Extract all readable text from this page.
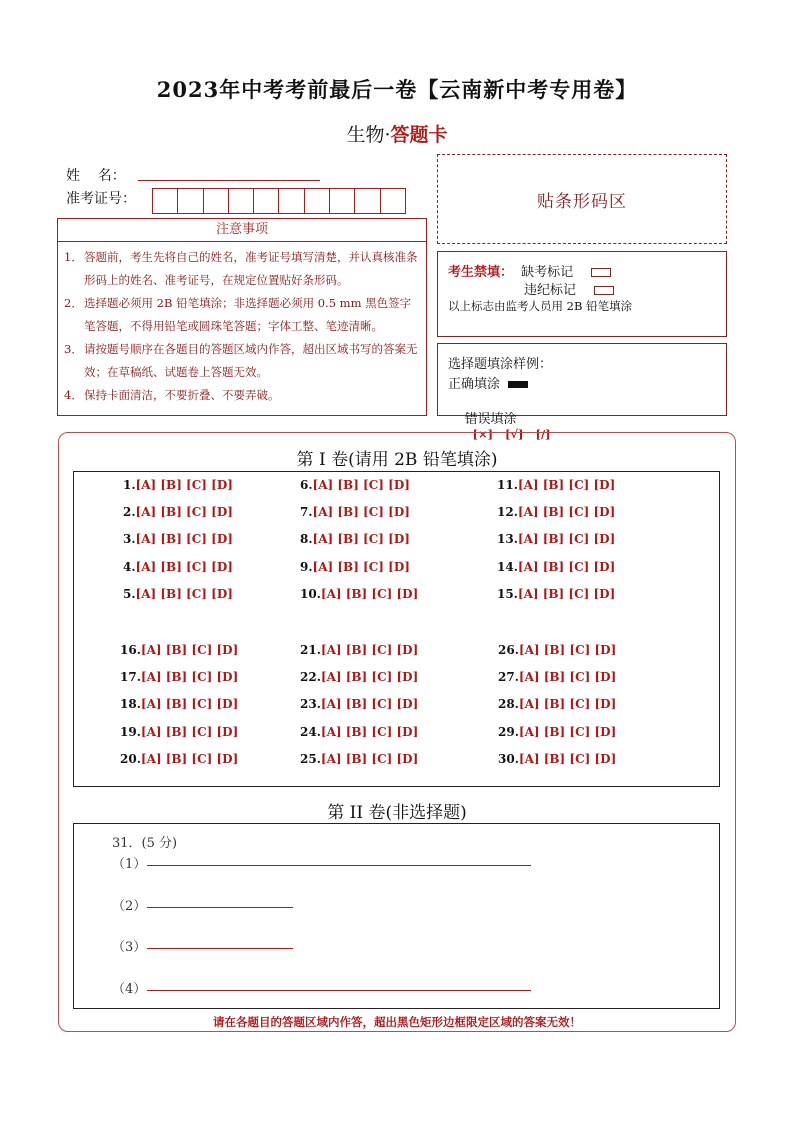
2023年中考考前最后一卷【云南新中考专用卷】
生物·答题卡
姓    名：
准考证号：	贴条形码区
注意事项
1． 答题前，考生先将自己的姓名，准考证号填写清楚，并认真核准条形码上的姓名、准考证号，在规定位置贴好条形码。
2． 选择题必须用 2B 铅笔填涂；非选择题必须用 0.5 mm 黑色签字笔答题，不得用铅笔或圆珠笔答题；字体工整、笔迹清晰。
3． 请按题号顺序在各题目的答题区域内作答，超出区域书写的答案无效；在草稿纸、试题卷上答题无效。
4． 保持卡面清洁，不要折叠、不要弄破。
考生禁填： 缺考标记
违纪标记
以上标志由监考人员用 2B 铅笔填涂
选择题填涂样例：
正确填涂

错误填涂
[×]   [√]   [/]

第 I 卷(请用 2B 铅笔填涂)
1.[A] [B] [C] [D]
2.[A] [B] [C] [D]
3.[A] [B] [C] [D]
4.[A] [B] [C] [D]
5.[A] [B] [C] [D]
6.[A] [B] [C] [D]
7.[A] [B] [C] [D]
8.[A] [B] [C] [D]
9.[A] [B] [C] [D]
10.[A] [B] [C] [D]
11.[A] [B] [C] [D]
12.[A] [B] [C] [D]
13.[A] [B] [C] [D]
14.[A] [B] [C] [D]
15.[A] [B] [C] [D]
16.[A] [B] [C] [D]
17.[A] [B] [C] [D]
18.[A] [B] [C] [D]
19.[A] [B] [C] [D]
20.[A] [B] [C] [D]
21.[A] [B] [C] [D]
22.[A] [B] [C] [D]
23.[A] [B] [C] [D]
24.[A] [B] [C] [D]
25.[A] [B] [C] [D]
26.[A] [B] [C] [D]
27.[A] [B] [C] [D]
28.[A] [B] [C] [D]
29.[A] [B] [C] [D]
30.[A] [B] [C] [D]
第 II 卷(非选择题)
31．(5 分)
（1）
（2）
（3）
（4）
请在各题目的答题区域内作答，超出黑色矩形边框限定区域的答案无效！
